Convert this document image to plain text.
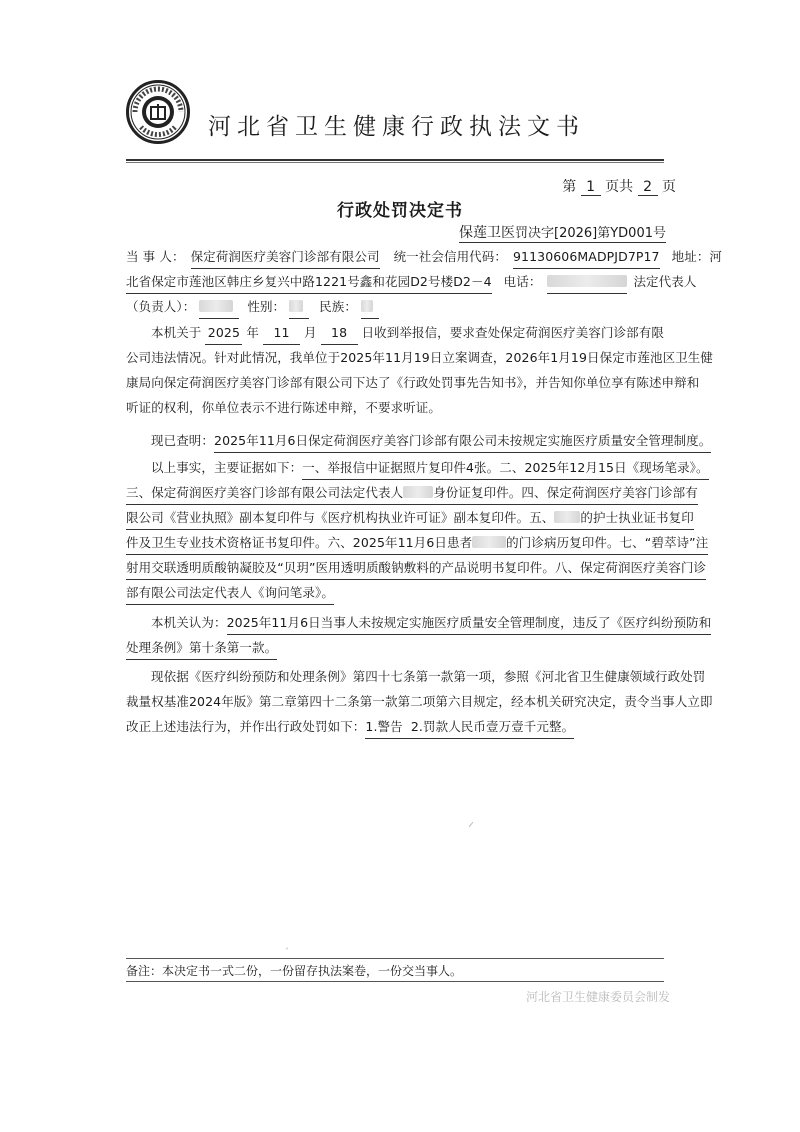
河北省卫生健康行政执法文书
第 1 页共 2 页
行政处罚决定书
保莲卫医罚决字[2026]第YD001号
当 事 人： 保定荷润医疗美容门诊部有限公司 统一社会信用代码： 91130606MADPJD7P17 地址：河
北省保定市莲池区韩庄乡复兴中路1221号鑫和花园D2号楼D2－4 电话：	法定代表人
（负责人）：	性别：	民族：
本机关于 2025 年	11	月	18	日收到举报信，要求查处保定荷润医疗美容门诊部有限
公司违法情况。针对此情况，我单位于2025年11月19日立案调查，2026年1月19日保定市莲池区卫生健
康局向保定荷润医疗美容门诊部有限公司下达了《行政处罚事先告知书》，并告知你单位享有陈述申辩和
听证的权利，你单位表示不进行陈述申辩，不要求听证。
现已查明： 2025年11月6日保定荷润医疗美容门诊部有限公司未按规定实施医疗质量安全管理制度。
以上事实，主要证据如下： 一、举报信中证据照片复印件4张。二、2025年12月15日《现场笔录》。
三、保定荷润医疗美容门诊部有限公司法定代表人 身份证复印件。四、保定荷润医疗美容门诊部有
限公司《营业执照》副本复印件与《医疗机构执业许可证》副本复印件。五、 的护士执业证书复印
件及卫生专业技术资格证书复印件。六、2025年11月6日患者	的门诊病历复印件。七、“碧萃诗”注
射用交联透明质酸钠凝胶及“贝玥”医用透明质酸钠敷料的产品说明书复印件。八、保定荷润医疗美容门诊
部有限公司法定代表人《询问笔录》。
本机关认为： 2025年11月6日当事人未按规定实施医疗质量安全管理制度，违反了《医疗纠纷预防和
处理条例》第十条第一款。
现依据《医疗纠纷预防和处理条例》第四十七条第一款第一项，参照《河北省卫生健康领域行政处罚
裁量权基准2024年版》第二章第四十二条第一款第二项第六目规定，经本机关研究决定，责令当事人立即
改正上述违法行为，并作出行政处罚如下： 1.警告  2.罚款人民币壹万壹千元整。
备注：本决定书一式二份，一份留存执法案卷，一份交当事人。
河北省卫生健康委员会制发
